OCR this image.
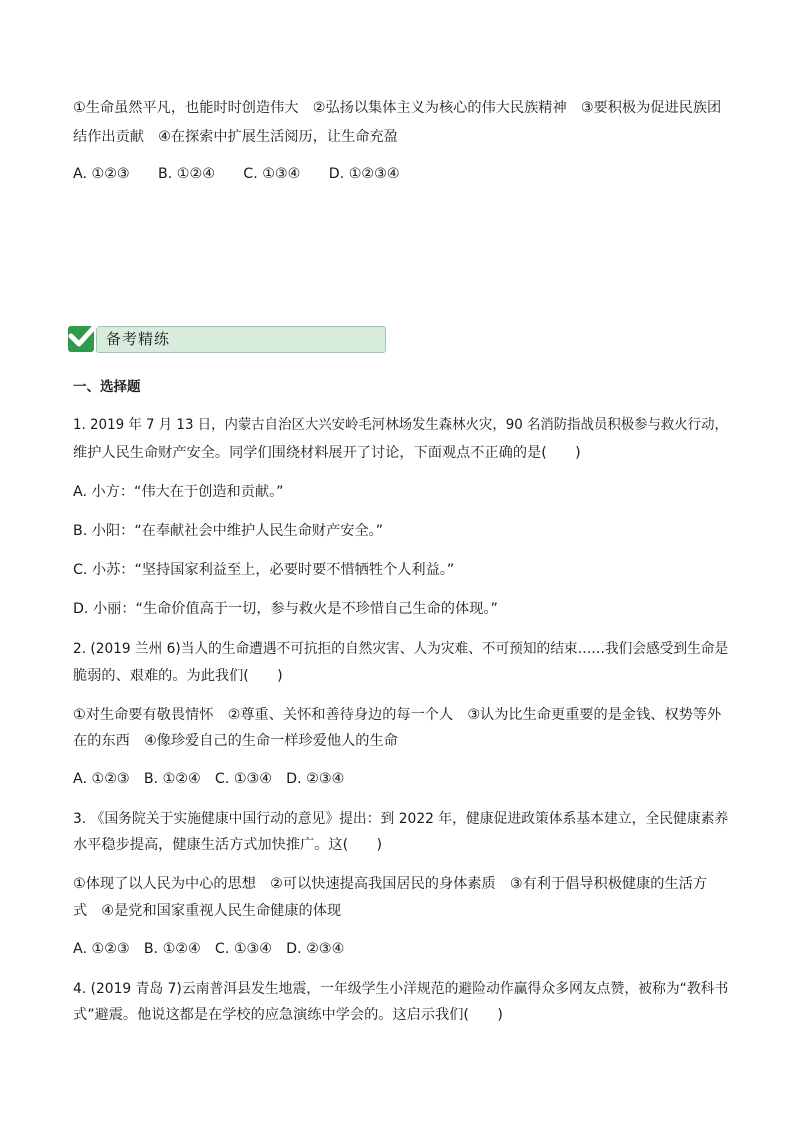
①生命虽然平凡，也能时时创造伟大　②弘扬以集体主义为核心的伟大民族精神　③要积极为促进民族团
结作出贡献　④在探索中扩展生活阅历，让生命充盈
A. ①②③　　B. ①②④　　C. ①③④　　D. ①②③④
备考精练
一、选择题
1. 2019 年 7 月 13 日，内蒙古自治区大兴安岭毛河林场发生森林火灾，90 名消防指战员积极参与救火行动，
维护人民生命财产安全。同学们围绕材料展开了讨论，下面观点不正确的是(　　)
A. 小方：“伟大在于创造和贡献。”
B. 小阳：“在奉献社会中维护人民生命财产安全。”
C. 小苏：“坚持国家利益至上，必要时要不惜牺牲个人利益。”
D. 小丽：“生命价值高于一切，参与救火是不珍惜自己生命的体现。”
2. (2019 兰州 6)当人的生命遭遇不可抗拒的自然灾害、人为灾难、不可预知的结束……我们会感受到生命是
脆弱的、艰难的。为此我们(　　)
①对生命要有敬畏情怀　②尊重、关怀和善待身边的每一个人　③认为比生命更重要的是金钱、权势等外
在的东西　④像珍爱自己的生命一样珍爱他人的生命
A. ①②③　B. ①②④　C. ①③④　D. ②③④
3. 《国务院关于实施健康中国行动的意见》提出：到 2022 年，健康促进政策体系基本建立，全民健康素养
水平稳步提高，健康生活方式加快推广。这(　　)
①体现了以人民为中心的思想　②可以快速提高我国居民的身体素质　③有利于倡导积极健康的生活方
式　④是党和国家重视人民生命健康的体现
A. ①②③　B. ①②④　C. ①③④　D. ②③④
4. (2019 青岛 7)云南普洱县发生地震，一年级学生小洋规范的避险动作赢得众多网友点赞，被称为“教科书
式”避震。他说这都是在学校的应急演练中学会的。这启示我们(　　)
